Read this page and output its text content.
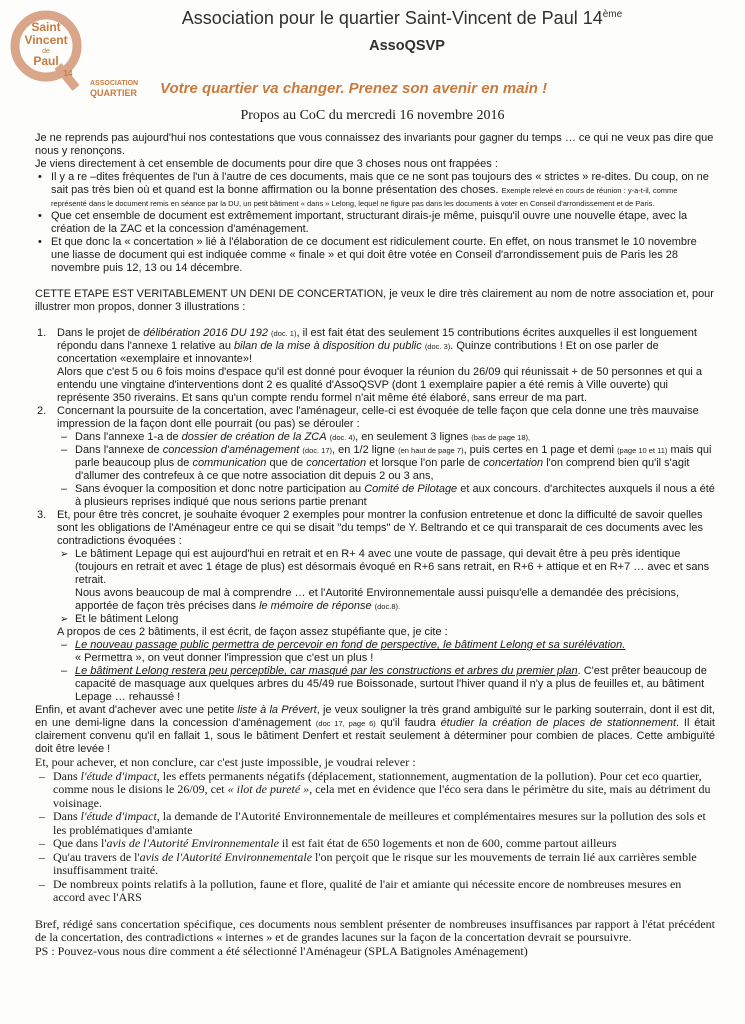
Saint
Vincent
de
Paul
14
Association pour le quartier Saint-Vincent de Paul 14ème
AssoQSVP
ASSOCIATION
QUARTIER Votre quartier va changer. Prenez son avenir en main !
Propos au CoC du mercredi 16 novembre 2016

Je ne reprends pas aujourd'hui nos contestations que vous connaissez des invariants pour gagner du temps … ce qui ne veux pas dire que nous y renonçons.

Je viens directement à cet ensemble de documents pour dire que 3 choses nous ont frappées :

• Il y a re –dites fréquentes de l'un à l'autre de ces documents, mais que ce ne sont pas toujours des « strictes » re-dites. Du coup, on ne sait pas très bien où et quand est la bonne affirmation ou la bonne présentation des choses. Exemple relevé en cours de réunion : y-a-t-il, comme représenté dans le document remis en séance par la DU, un petit bâtiment « dans » Lelong, lequel ne figure pas dans les documents à voter en Conseil d'arrondissement et de Paris.
• Que cet ensemble de document est extrêmement important, structurant dirais-je même, puisqu'il ouvre une nouvelle étape, avec la création de la ZAC et la concession d'aménagement.
• Et que donc la « concertation » lié à l'élaboration de ce document est ridiculement courte. En effet, on nous transmet le 10 novembre une liasse de document qui est indiquée comme « finale » et qui doit être votée en Conseil d'arrondissement puis de Paris les 28 novembre puis 12, 13 ou 14 décembre.

CETTE ETAPE EST VERITABLEMENT UN DENI DE CONCERTATION, je veux le dire très clairement au nom de notre association et, pour illustrer mon propos, donner 3 illustrations :

1. Dans le projet de délibération 2016 DU 192 (doc. 1), il est fait état des seulement 15 contributions écrites auxquelles il est longuement répondu dans l'annexe 1 relative au bilan de la mise à disposition du public (doc. 3). Quinze contributions ! Et on ose parler de concertation «exemplaire et innovante»!
Alors que c'est 5 ou 6 fois moins d'espace qu'il est donné pour évoquer la réunion du 26/09 qui réunissait + de 50 personnes et qui a entendu une vingtaine d'interventions dont 2 es qualité d'AssoQSVP (dont 1 exemplaire papier a été remis à Ville ouverte) qui représente 350 riverains. Et sans qu'un compte rendu formel n'ait même été élaboré, sans erreur de ma part.
2. Concernant la poursuite de la concertation, avec l'aménageur, celle-ci est évoquée de telle façon que cela donne une très mauvaise impression de la façon dont elle pourrait (ou pas) se dérouler :
– Dans l'annexe 1-a de dossier de création de la ZCA (doc. 4), en seulement 3 lignes (bas de page 18),
– Dans l'annexe de concession d'aménagement (doc. 17), en 1/2 ligne (en haut de page 7), puis certes en 1 page et demi (page 10 et 11) mais qui parle beaucoup plus de communication que de concertation et lorsque l'on parle de concertation l'on comprend bien qu'il s'agit d'allumer des contrefeux à ce que notre association dit depuis 2 ou 3 ans,
– Sans évoquer la composition et donc notre participation au Comité de Pilotage et aux concours. d'architectes auxquels il nous a été à plusieurs reprises indiqué que nous serions partie prenant
3. Et, pour être très concret, je souhaite évoquer 2 exemples pour montrer la confusion entretenue et donc la difficulté de savoir quelles sont les obligations de l'Aménageur entre ce qui se disait "du temps" de Y. Beltrando et ce qui transparait de ces documents avec les contradictions évoquées :
➢ Le bâtiment Lepage qui est aujourd'hui en retrait et en R+ 4 avec une voute de passage, qui devait être à peu près identique (toujours en retrait et avec 1 étage de plus) est désormais évoqué en R+6 sans retrait, en R+6 + attique et en R+7 … avec et sans retrait.
Nous avons beaucoup de mal à comprendre … et l'Autorité Environnementale aussi puisqu'elle a demandée des précisions, apportée de façon très précises dans le mémoire de réponse (doc.8).
➢ Et le bâtiment Lelong

A propos de ces 2 bâtiments, il est écrit, de façon assez stupéfiante que, je cite :

– Le nouveau passage public permettra de percevoir en fond de perspective, le bâtiment Lelong et sa surélévation.
« Permettra », on veut donner l'impression que c'est un plus !
– Le bâtiment Lelong restera peu perceptible, car masqué par les constructions et arbres du premier plan. C'est prêter beaucoup de capacité de masquage aux quelques arbres du 45/49 rue Boissonade, surtout l'hiver quand il n'y a plus de feuilles et, au bâtiment Lepage … rehaussé !

Enfin, et avant d'achever avec une petite liste à la Prévert, je veux souligner la très grand ambiguïté sur le parking souterrain, dont il est dit, en une demi-ligne dans la concession d'aménagement (doc 17, page 6) qu'il faudra étudier la création de places de stationnement. Il était clairement convenu qu'il en fallait 1, sous le bâtiment Denfert et restait seulement à déterminer pour combien de places. Cette ambiguïté doit être levée !

Et, pour achever, et non conclure, car c'est juste impossible, je voudrai relever :

– Dans l'étude d'impact, les effets permanents négatifs (déplacement, stationnement, augmentation de la pollution). Pour cet eco quartier, comme nous le disions le 26/09, cet « ilot de pureté », cela met en évidence que l'éco sera dans le périmètre du site, mais au détriment du voisinage.
– Dans l'étude d'impact, la demande de l'Autorité Environnementale de meilleures et complémentaires mesures sur la pollution des sols et les problématiques d'amiante
– Que dans l'avis de l'Autorité Environnementale il est fait état de 650 logements et non de 600, comme partout ailleurs
– Qu'au travers de l'avis de l'Autorité Environnementale l'on perçoit que le risque sur les mouvements de terrain lié aux carrières semble insuffisamment traité.
– De nombreux points relatifs à la pollution, faune et flore, qualité de l'air et amiante qui nécessite encore de nombreuses mesures en accord avec l'ARS

Bref, rédigé sans concertation spécifique, ces documents nous semblent présenter de nombreuses insuffisances par rapport à l'état précédent de la concertation, des contradictions « internes » et de grandes lacunes sur la façon de la concertation devrait se poursuivre.

PS : Pouvez-vous nous dire comment a été sélectionné l'Aménageur (SPLA Batignoles Aménagement)
